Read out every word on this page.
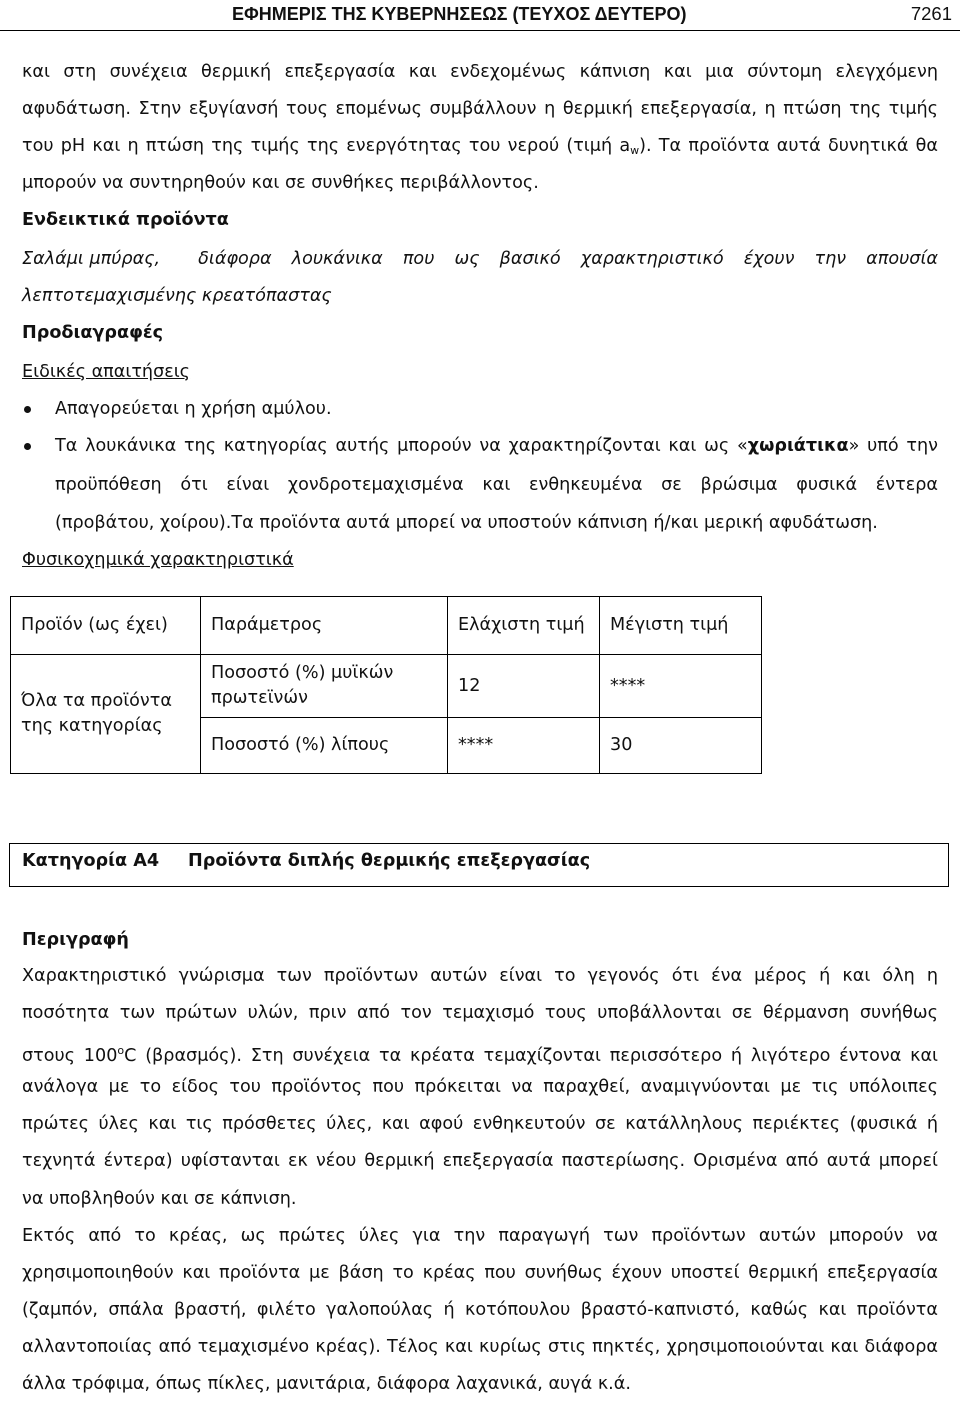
ΕΦΗΜΕΡΙΣ ΤΗΣ ΚΥΒΕΡΝΗΣΕΩΣ (ΤΕΥΧΟΣ ΔΕΥΤΕΡΟ)	7261
και στη συνέχεια θερμική επεξεργασία και ενδεχομένως κάπνιση και μια σύντομη ελεγχόμενη
αφυδάτωση. Στην εξυγίανσή τους επομένως συμβάλλουν η θερμική επεξεργασία, η πτώση της τιμής
του pH και η πτώση της τιμής της ενεργότητας του νερού (τιμή $a_w$). Τα προϊόντα αυτά δυνητικά θα
μπορούν να συντηρηθούν και σε συνθήκες περιβάλλοντος.
Ενδεικτικά προϊόντα
Σαλάμι μπύρας, διάφορα λουκάνικα που ως βασικό χαρακτηριστικό έχουν την απουσία
λεπτοτεμαχισμένης κρεατόπαστας
Προδιαγραφές
Ειδικές απαιτήσεις
Απαγορεύεται η χρήση αμύλου.
Τα λουκάνικα της κατηγορίας αυτής μπορούν να χαρακτηρίζονται και ως «χωριάτικα» υπό την
προϋπόθεση ότι είναι χονδροτεμαχισμένα και ενθηκευμένα σε βρώσιμα φυσικά έντερα
(προβάτου, χοίρου).Τα προϊόντα αυτά μπορεί να υποστούν κάπνιση ή/και μερική αφυδάτωση.
Φυσικοχημικά χαρακτηριστικά
Προϊόν (ως έχει)	Παράμετρος	Ελάχιστη τιμή	Μέγιστη τιμή
Όλα τα προϊόντα της κατηγορίας	Ποσοστό (%) μυϊκών πρωτεϊνών	12	****
	Ποσοστό (%) λίπους	****	30
Κατηγορία Α4 Προϊόντα διπλής θερμικής επεξεργασίας
Περιγραφή
Χαρακτηριστικό γνώρισμα των προϊόντων αυτών είναι το γεγονός ότι ένα μέρος ή και όλη η
ποσότητα των πρώτων υλών, πριν από τον τεμαχισμό τους υποβάλλονται σε θέρμανση συνήθως
στους $100^oC$ (βρασμός). Στη συνέχεια τα κρέατα τεμαχίζονται περισσότερο ή λιγότερο έντονα και
ανάλογα με το είδος του προϊόντος που πρόκειται να παραχθεί, αναμιγνύονται με τις υπόλοιπες
πρώτες ύλες και τις πρόσθετες ύλες, και αφού ενθηκευτούν σε κατάλληλους περιέκτες (φυσικά ή
τεχνητά έντερα) υφίστανται εκ νέου θερμική επεξεργασία παστερίωσης. Ορισμένα από αυτά μπορεί
να υποβληθούν και σε κάπνιση.
Εκτός από το κρέας, ως πρώτες ύλες για την παραγωγή των προϊόντων αυτών μπορούν να
χρησιμοποιηθούν και προϊόντα με βάση το κρέας που συνήθως έχουν υποστεί θερμική επεξεργασία
(ζαμπόν, σπάλα βραστή, φιλέτο γαλοπούλας ή κοτόπουλου βραστό-καπνιστό, καθώς και προϊόντα
αλλαντοποιίας από τεμαχισμένο κρέας). Τέλος και κυρίως στις πηκτές, χρησιμοποιούνται και διάφορα
άλλα τρόφιμα, όπως πίκλες, μανιτάρια, διάφορα λαχανικά, αυγά κ.ά.
